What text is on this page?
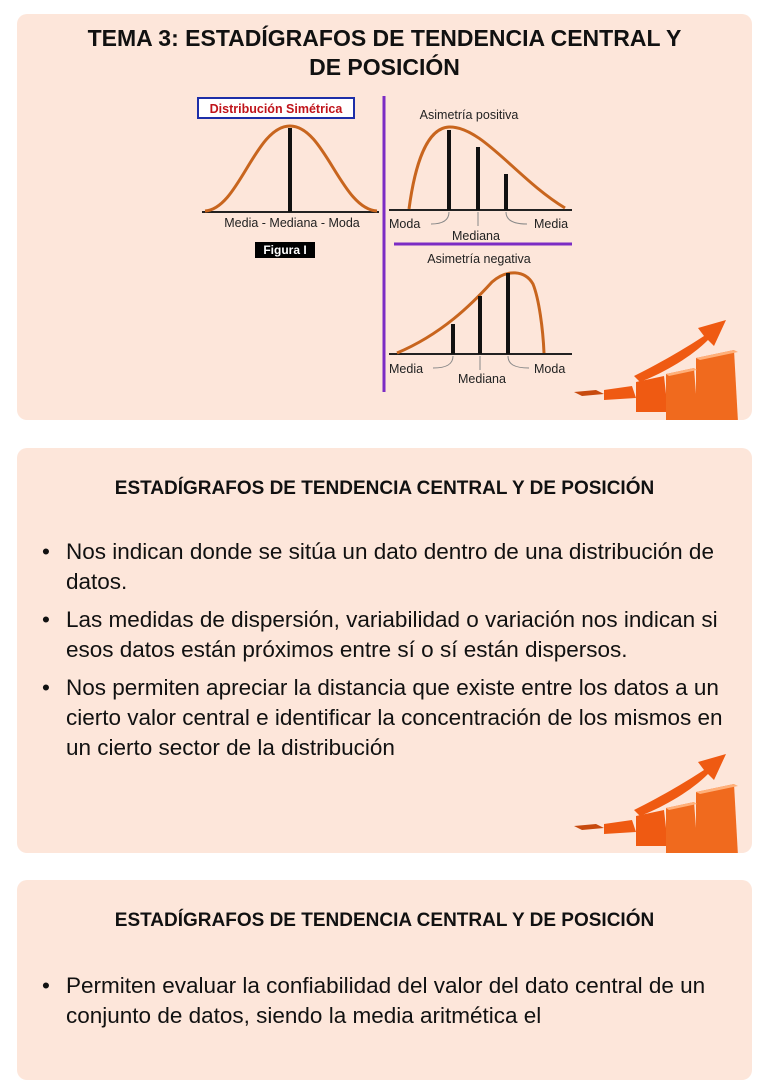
TEMA 3: ESTADÍGRAFOS DE TENDENCIA CENTRAL Y
DE POSICIÓN
Distribución Simétrica
Media - Mediana - Moda
Figura I
Asimetría positiva
Moda
Mediana
Media
Asimetría negativa
Media
Mediana
Moda
ESTADÍGRAFOS DE TENDENCIA CENTRAL Y DE POSICIÓN
• Nos indican donde se sitúa un dato dentro de una distribución de datos.
• Las medidas de dispersión, variabilidad o variación nos indican si esos datos están próximos entre sí o sí están dispersos.
• Nos permiten apreciar la distancia que existe entre los datos a un cierto valor central e identificar la concentración de los mismos en un cierto sector de la distribución
ESTADÍGRAFOS DE TENDENCIA CENTRAL Y DE POSICIÓN
• Permiten evaluar la confiabilidad del valor del dato central de un conjunto de datos, siendo la media aritmética el
